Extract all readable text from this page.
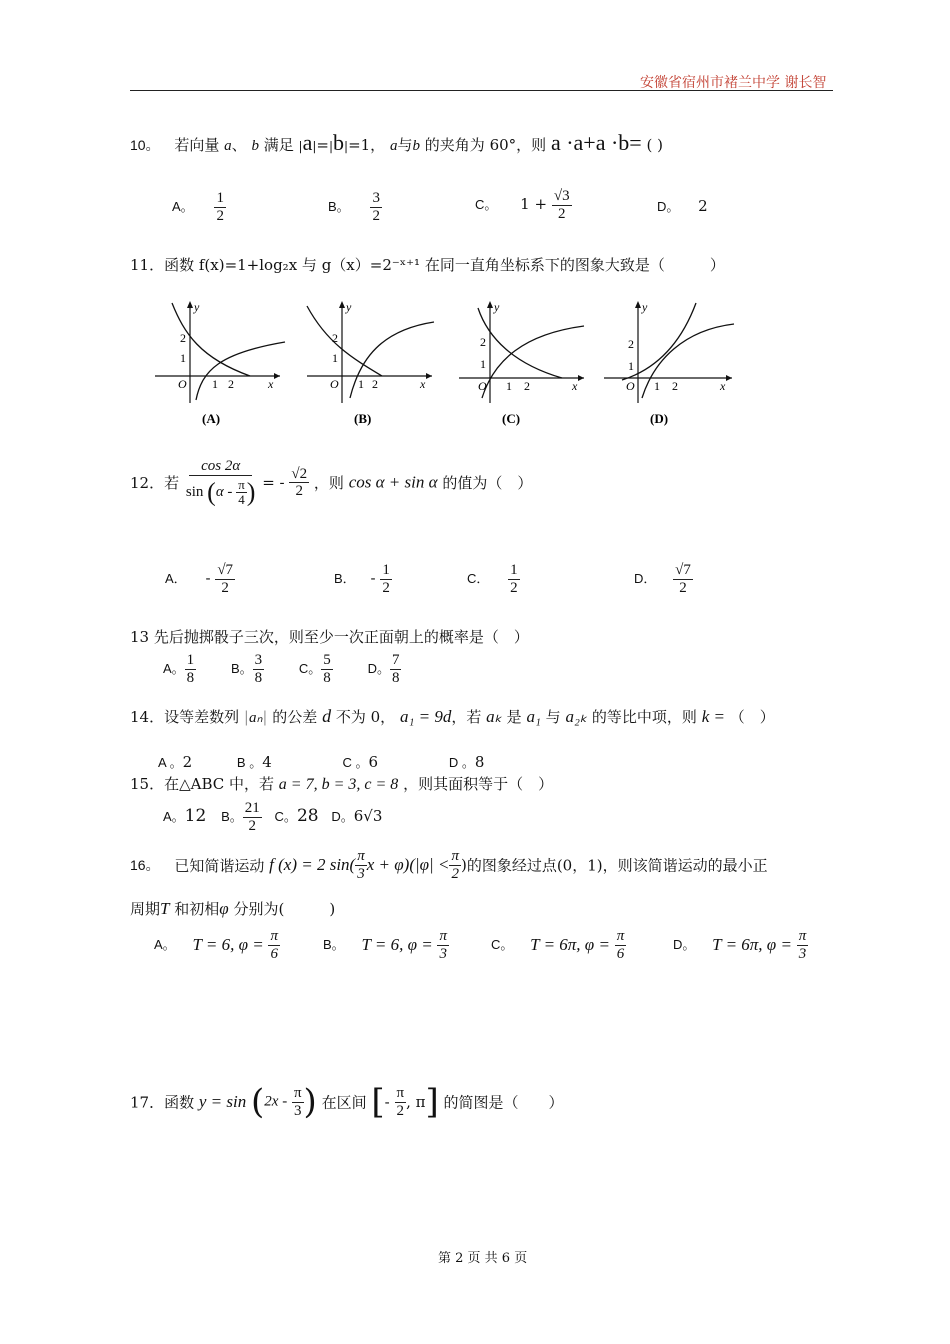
安徽省宿州市褚兰中学 谢长智
10。 若向量 a、 b 满足 |a|=|b|=1， a与b 的夹角为 60°，则 a ·a+a ·b= ( )
A。 $\frac{1}{2}$	B。 $\frac{3}{2}$	C。 $1 + \frac{√3}{2}$	D。 2
11．函数 f(x)=1+log₂x 与 g（x）=2⁻ˣ⁺¹ 在同一直角坐标系下的图象大致是（　　　）
y
x
O
2
1
1 2
(A)
y
x
O
2
1
1 2
(B)
y
x
O
2
1
1 2
(C)
y
x
O
2
1
1 2
(D)
12．若 $\frac{\cos 2\alpha}{\sin (\alpha - \frac{\pi}{4} )}$ = - $\frac{√2}{2}$ ，则 cos α + sin α 的值为（　）
A． - $\frac{√7}{2}$	B． - $\frac{1}{2}$	C． $\frac{1}{2}$	D． $\frac{√7}{2}$
13 先后抛掷骰子三次，则至少一次正面朝上的概率是（　）
A。 $\frac{1}{8}$	B。 $\frac{3}{8}$	C。 $\frac{5}{8}$	D。 $\frac{7}{8}$
14．设等差数列 |aₙ| 的公差 d 不为 0， a₁ = 9d，若 aₖ 是 a₁ 与 a₂ₖ 的等比中项，则 k = （　）
A 。2	B 。4	C 。6	D 。8
15．在△ABC 中，若 a = 7, b = 3, c = 8 ，则其面积等于（　）
A。12 B。 $\frac{21}{2}$ C。28 D。6√3
16。 已知简谐运动 f (x) = 2 $\sin( \frac{\pi}{3}$ $x + \varphi)(|\varphi| < \frac{\pi}{2}$ )的图象经过点(0，1)，则该简谐运动的最小正
周期T 和初相φ 分别为(　　　)
A。 T = 6, $\varphi = \frac{\pi}{6}$	B。 T = 6, $\varphi = \frac{\pi}{3}$	C。 T = 6π, $\varphi = \frac{\pi}{6}$	D。 T = 6π, $\varphi = \frac{\pi}{3}$
17．函数 $y = \sin (2x - \frac{\pi}{3}$ ) 在区间 [- $\frac{\pi}{2}$ , π] 的简图是（　　）
第 2 页 共 6 页
